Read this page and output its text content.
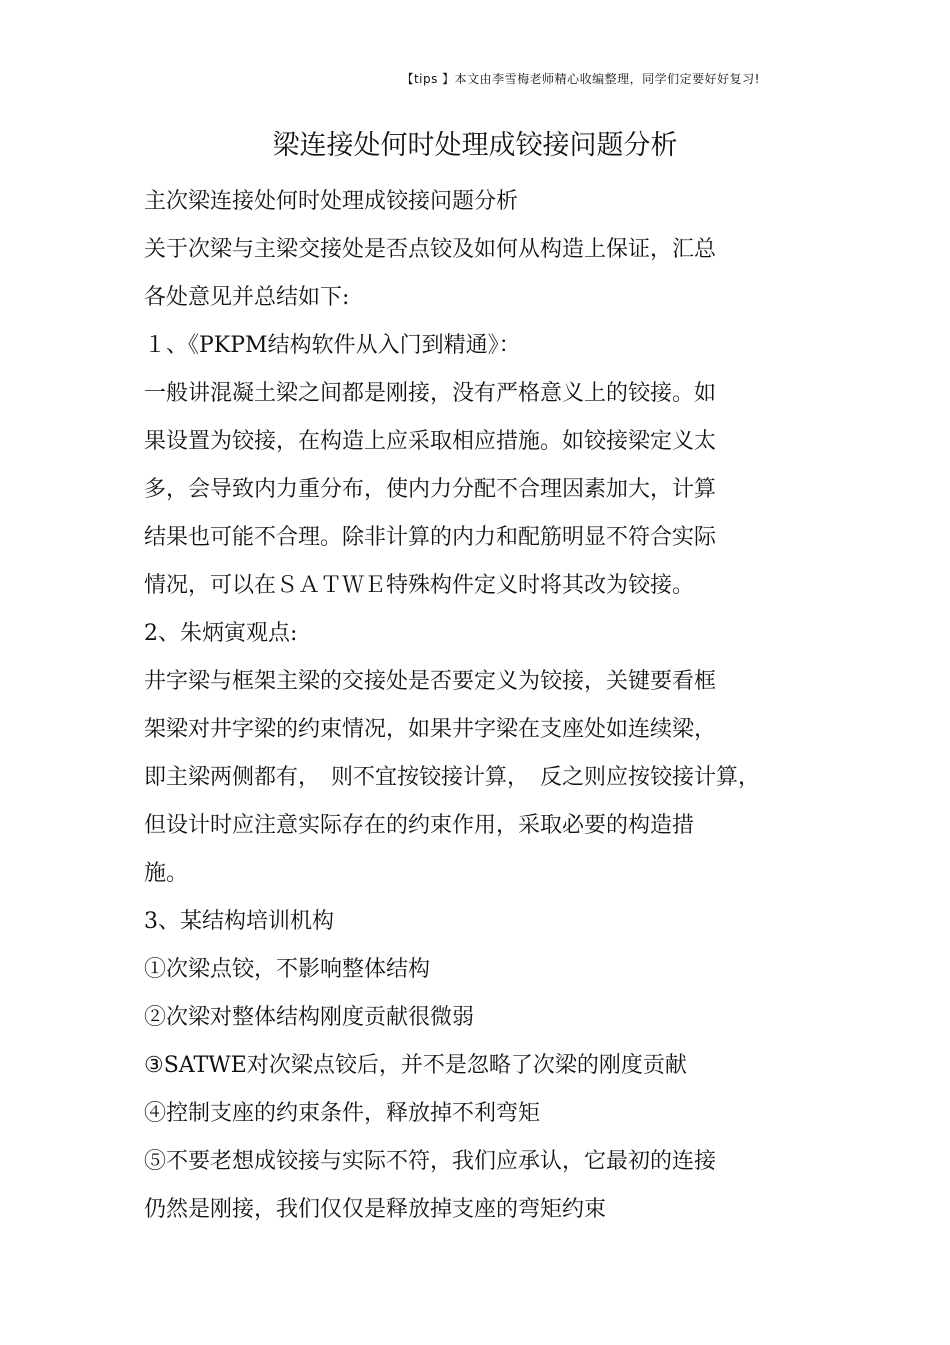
【tips 】本文由李雪梅老师精心收编整理，同学们定要好好复习!
梁连接处何时处理成铰接问题分析
主次梁连接处何时处理成铰接问题分析
关于次梁与主梁交接处是否点铰及如何从构造上保证，汇总
各处意见并总结如下:
１、《PKPM结构软件从入门到精通》：
一般讲混凝土梁之间都是刚接，没有严格意义上的铰接。如
果设置为铰接，在构造上应采取相应措施。如铰接梁定义太
多，会导致内力重分布，使内力分配不合理因素加大，计算
结果也可能不合理。除非计算的内力和配筋明显不符合实际
情况，可以在ＳＡＴＷＥ特殊构件定义时将其改为铰接。
2、朱炳寅观点:
井字梁与框架主梁的交接处是否要定义为铰接，关键要看框
架梁对井字梁的约束情况，如果井字梁在支座处如连续梁，
即主梁两侧都有，　则不宜按铰接计算，　反之则应按铰接计算，
但设计时应注意实际存在的约束作用，采取必要的构造措
施。
3、某结构培训机构
①次梁点铰，不影响整体结构
②次梁对整体结构刚度贡献很微弱
③SATWE对次梁点铰后，并不是忽略了次梁的刚度贡献
④控制支座的约束条件，释放掉不利弯矩
⑤不要老想成铰接与实际不符，我们应承认，它最初的连接
仍然是刚接，我们仅仅是释放掉支座的弯矩约束
